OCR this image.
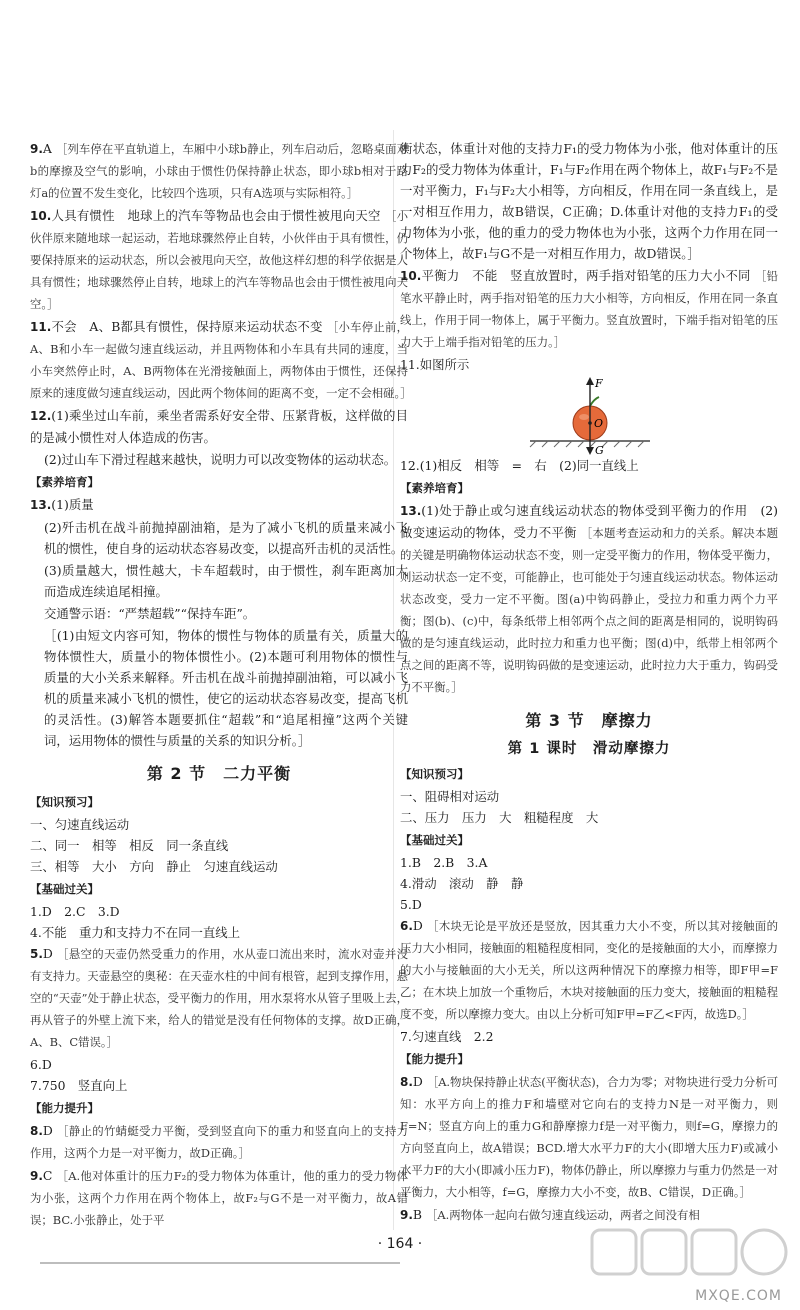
9.A ［列车停在平直轨道上，车厢中小球b静止，列车启动后，忽略桌面对b的摩擦及空气的影响，小球由于惯性仍保持静止状态，即小球b相对于路灯a的位置不发生变化，比较四个选项，只有A选项与实际相符。］
10.人具有惯性　地球上的汽车等物品也会由于惯性被甩向天空 ［小伙伴原来随地球一起运动，若地球骤然停止自转，小伙伴由于具有惯性，仍要保持原来的运动状态，所以会被甩向天空，故他这样幻想的科学依据是人具有惯性；地球骤然停止自转，地球上的汽车等物品也会由于惯性被甩向天空。］
11.不会　A、B都具有惯性，保持原来运动状态不变 ［小车停止前，A、B和小车一起做匀速直线运动，并且两物体和小车具有共同的速度，当小车突然停止时，A、B两物体在光滑接触面上，两物体由于惯性，还保持原来的速度做匀速直线运动，因此两个物体间的距离不变，一定不会相碰。］
12.(1)乘坐过山车前，乘坐者需系好安全带、压紧背板，这样做的目的是减小惯性对人体造成的伤害。
(2)过山车下滑过程越来越快，说明力可以改变物体的运动状态。
【素养培育】
13.(1)质量
(2)歼击机在战斗前抛掉副油箱，是为了减小飞机的质量来减小飞机的惯性，使自身的运动状态容易改变，以提高歼击机的灵活性。
(3)质量越大，惯性越大，卡车超载时，由于惯性，刹车距离加大而造成连续追尾相撞。
交通警示语：“严禁超载”“保持车距”。
［(1)由短文内容可知，物体的惯性与物体的质量有关，质量大的物体惯性大，质量小的物体惯性小。(2)本题可利用物体的惯性与质量的大小关系来解释。歼击机在战斗前抛掉副油箱，可以减小飞机的质量来减小飞机的惯性，使它的运动状态容易改变，提高飞机的灵活性。(3)解答本题要抓住“超载”和“追尾相撞”这两个关键词，运用物体的惯性与质量的关系的知识分析。］
第 2 节　二力平衡
【知识预习】
一、匀速直线运动
二、同一　相等　相反　同一条直线
三、相等　大小　方向　静止　匀速直线运动
【基础过关】
1.D　2.C　3.D
4.不能　重力和支持力不在同一直线上
5.D ［悬空的天壶仍然受重力的作用，水从壶口流出来时，流水对壶并没有支持力。天壶悬空的奥秘：在天壶水柱的中间有根管，起到支撑作用，悬空的“天壶”处于静止状态，受平衡力的作用，用水泵将水从管子里吸上去，再从管子的外壁上流下来，给人的错觉是没有任何物体的支撑。故D正确，A、B、C错误。］
6.D
7.750　竖直向上
【能力提升】
8.D ［静止的竹蜻蜓受力平衡，受到竖直向下的重力和竖直向上的支持力作用，这两个力是一对平衡力，故D正确。］
9.C ［A.他对体重计的压力F₂的受力物体为体重计，他的重力的受力物体为小张，这两个力作用在两个物体上，故F₂与G不是一对平衡力，故A错误；BC.小张静止，处于平
衡状态，体重计对他的支持力F₁的受力物体为小张，他对体重计的压力F₂的受力物体为体重计，F₁与F₂作用在两个物体上，故F₁与F₂不是一对平衡力，F₁与F₂大小相等，方向相反，作用在同一条直线上，是一对相互作用力，故B错误，C正确；D.体重计对他的支持力F₁的受力物体为小张，他的重力的受力物体也为小张，这两个力作用在同一个物体上，故F₁与G不是一对相互作用力，故D错误。］
10.平衡力　不能　竖直放置时，两手指对铅笔的压力大小不同 ［铅笔水平静止时，两手指对铅笔的压力大小相等，方向相反，作用在同一条直线上，作用于同一物体上，属于平衡力。竖直放置时，下端手指对铅笔的压力大于上端手指对铅笔的压力。］
11.如图所示
F
O
G
12.(1)相反　相等　=　右　(2)同一直线上
【素养培育】
13.(1)处于静止或匀速直线运动状态的物体受到平衡力的作用　(2)做变速运动的物体，受力不平衡 ［本题考查运动和力的关系。解决本题的关键是明确物体运动状态不变，则一定受平衡力的作用，物体受平衡力，则运动状态一定不变，可能静止，也可能处于匀速直线运动状态。物体运动状态改变，受力一定不平衡。图(a)中钩码静止，受拉力和重力两个力平衡；图(b)、(c)中，每条纸带上相邻两个点之间的距离是相同的，说明钩码做的是匀速直线运动，此时拉力和重力也平衡；图(d)中，纸带上相邻两个点之间的距离不等，说明钩码做的是变速运动，此时拉力大于重力，钩码受力不平衡。］
第 3 节　摩擦力
第 1 课时　滑动摩擦力
【知识预习】
一、阻碍相对运动
二、压力　压力　大　粗糙程度　大
【基础过关】
1.B　2.B　3.A
4.滑动　滚动　静　静
5.D
6.D ［木块无论是平放还是竖放，因其重力大小不变，所以其对接触面的压力大小相同，接触面的粗糙程度相同，变化的是接触面的大小，而摩擦力的大小与接触面的大小无关，所以这两种情况下的摩擦力相等，即F甲=F乙；在木块上加放一个重物后，木块对接触面的压力变大，接触面的粗糙程度不变，所以摩擦力变大。由以上分析可知F甲=F乙<F丙，故选D。］
7.匀速直线　2.2
【能力提升】
8.D ［A.物块保持静止状态(平衡状态)，合力为零；对物块进行受力分析可知：水平方向上的推力F和墙壁对它向右的支持力N是一对平衡力，则F=N；竖直方向上的重力G和静摩擦力f是一对平衡力，则f=G，摩擦力的方向竖直向上，故A错误；BCD.增大水平力F的大小(即增大压力F)或减小水平力F的大小(即减小压力F)，物体仍静止，所以摩擦力与重力仍然是一对平衡力，大小相等，f=G，摩擦力大小不变，故B、C错误，D正确。］
9.B ［A.两物体一起向右做匀速直线运动，两者之间没有相
· 164 ·
MXQE.COM
